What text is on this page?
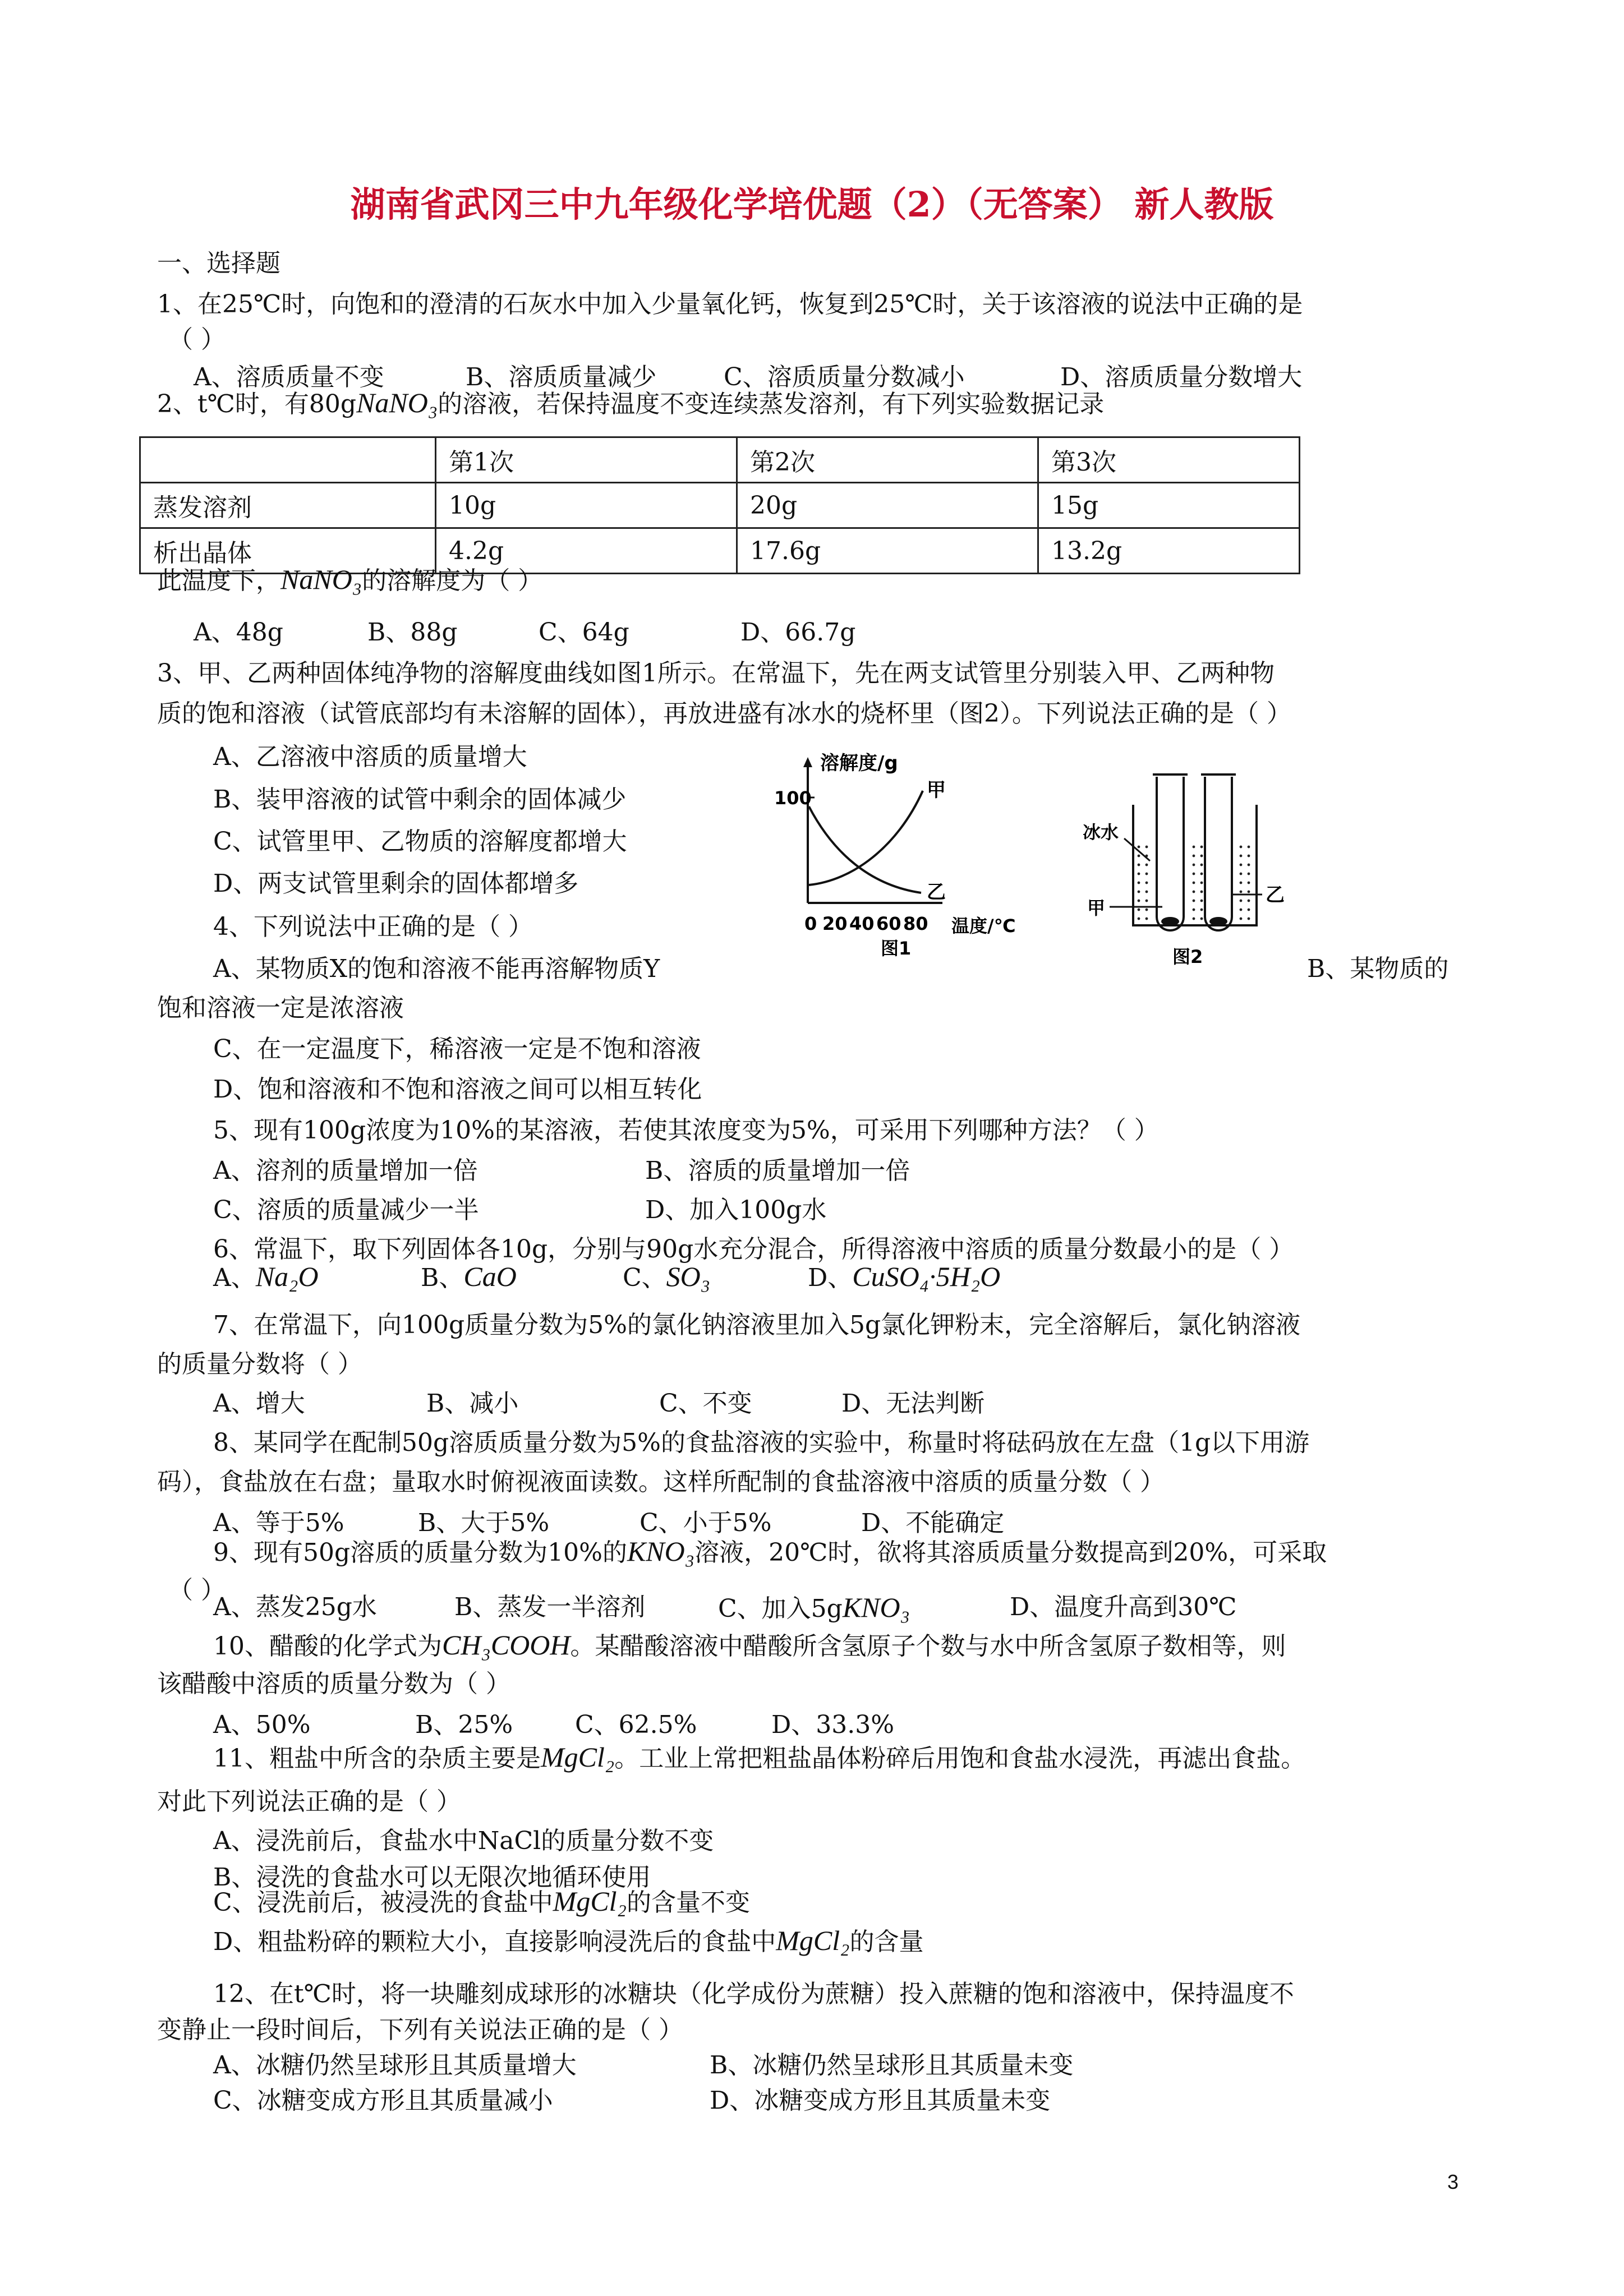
湖南省武冈三中九年级化学培优题（2）（无答案） 新人教版
一、选择题
1、在25℃时，向饱和的澄清的石灰水中加入少量氧化钙，恢复到25℃时，关于该溶液的说法中正确的是
（ ）
A、溶质质量不变	B、溶质质量减少	C、溶质质量分数减小	D、溶质质量分数增大
2、t℃时，有80gNaNO₃的溶液，若保持温度不变连续蒸发溶剂，有下列实验数据记录
	第1次	第2次	第3次
蒸发溶剂	10g	20g	15g
析出晶体	4.2g	17.6g	13.2g
此温度下，NaNO₃的溶解度为（ ）
A、48g	B、88g	C、64g	D、66.7g
3、甲、乙两种固体纯净物的溶解度曲线如图1所示。在常温下，先在两支试管里分别装入甲、乙两种物
质的饱和溶液（试管底部均有未溶解的固体），再放进盛有冰水的烧杯里（图2）。下列说法正确的是（ ）
A、乙溶液中溶质的质量增大
B、装甲溶液的试管中剩余的固体减少
C、试管里甲、乙物质的溶解度都增大
D、两支试管里剩余的固体都增多
溶解度/g
100	甲
乙
0 20 40 60 80 温度/℃
图1
冰水
乙
甲
图2
4、下列说法中正确的是（ ）
A、某物质X的饱和溶液不能再溶解物质Y	B、某物质的
饱和溶液一定是浓溶液
C、在一定温度下，稀溶液一定是不饱和溶液
D、饱和溶液和不饱和溶液之间可以相互转化
5、现有100g浓度为10%的某溶液，若使其浓度变为5%，可采用下列哪种方法？（ ）
A、溶剂的质量增加一倍	B、溶质的质量增加一倍
C、溶质的质量减少一半	D、加入100g水
6、常温下，取下列固体各10g，分别与90g水充分混合，所得溶液中溶质的质量分数最小的是（ ）
A、Na₂O	B、CaO	C、SO₃	D、CuSO₄·5H₂O
7、在常温下，向100g质量分数为5%的氯化钠溶液里加入5g氯化钾粉末，完全溶解后，氯化钠溶液
的质量分数将（ ）
A、增大	B、减小	C、不变	D、无法判断
8、某同学在配制50g溶质质量分数为5%的食盐溶液的实验中，称量时将砝码放在左盘（1g以下用游
码），食盐放在右盘；量取水时俯视液面读数。这样所配制的食盐溶液中溶质的质量分数（ ）
A、等于5%	B、大于5%	C、小于5%	D、不能确定
9、现有50g溶质的质量分数为10%的KNO₃溶液，20℃时，欲将其溶质质量分数提高到20%，可采取
（ ）
A、蒸发25g水	B、蒸发一半溶剂	C、加入5gKNO₃	D、温度升高到30℃
10、醋酸的化学式为CH₃COOH。某醋酸溶液中醋酸所含氢原子个数与水中所含氢原子数相等，则
该醋酸中溶质的质量分数为（ ）
A、50%	B、25%	C、62.5%	D、33.3%
11、粗盐中所含的杂质主要是MgCl₂。工业上常把粗盐晶体粉碎后用饱和食盐水浸洗，再滤出食盐。
对此下列说法正确的是（ ）
A、浸洗前后，食盐水中NaCl的质量分数不变
B、浸洗的食盐水可以无限次地循环使用
C、浸洗前后，被浸洗的食盐中MgCl₂的含量不变
D、粗盐粉碎的颗粒大小，直接影响浸洗后的食盐中MgCl₂的含量
12、在t℃时，将一块雕刻成球形的冰糖块（化学成份为蔗糖）投入蔗糖的饱和溶液中，保持温度不
变静止一段时间后，下列有关说法正确的是（ ）
A、冰糖仍然呈球形且其质量增大	B、冰糖仍然呈球形且其质量未变
C、冰糖变成方形且其质量减小	D、冰糖变成方形且其质量未变
3
